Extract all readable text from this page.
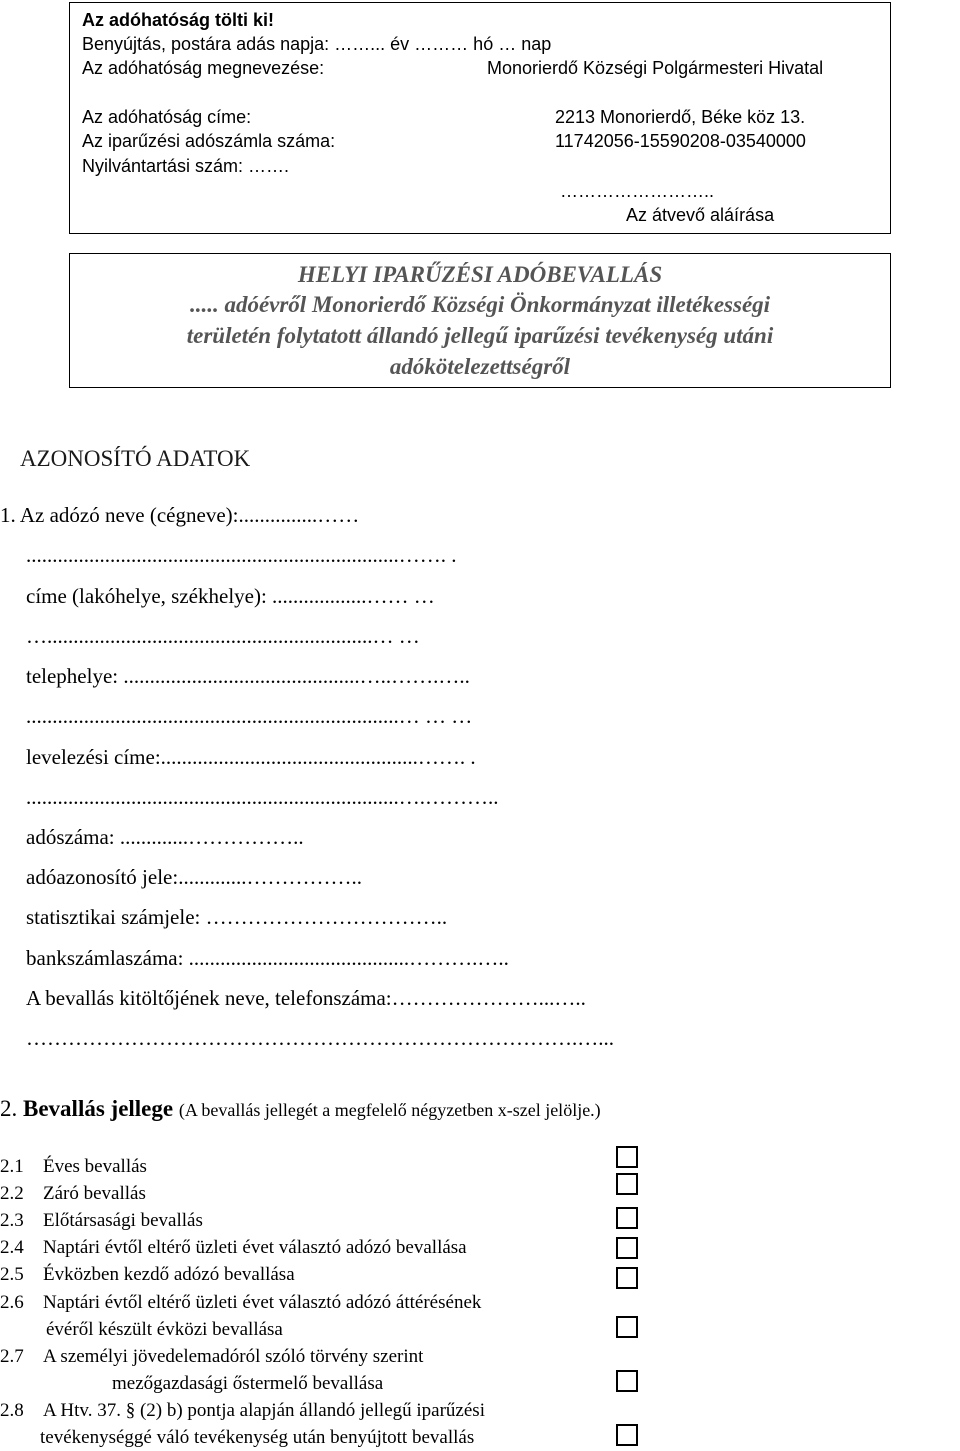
Az adóhatóság tölti ki!
Benyújtás, postára adás napja: ……... év ……… hó … nap
Az adóhatóság megnevezése:	Monorierdő Községi Polgármesteri Hivatal
Az adóhatóság címe:	2213 Monorierdő, Béke köz 13.
Az iparűzési adószámla száma:	11742056-15590208-03540000
Nyilvántartási szám: …….
……………………..
Az átvevő aláírása
HELYI IPARŰZÉSI ADÓBEVALLÁS
..... adóévről Monorierdő Községi Önkormányzat illetékességi
területén folytatott állandó jellegű iparűzési tevékenység utáni
adókötelezettségről
AZONOSÍTÓ ADATOK
1. Az adózó neve (cégneve):...............……
.......................................................................……. .
címe (lakóhelye, székhelye): ..................…… …
…..............................................................… …
telephelye: .............................................…..…….…..
.......................................................................… … …
levelezési címe:.................................................……. .
.......................................................................….………..
adószáma: .............……………..
adóazonosító jele:.............……………..
statisztikai számjele: ……………………………..
bankszámlaszáma: ..........................................……….…..
A bevallás kitöltőjének neve, telefonszáma:…………………...…..
…………………………………………………………………….…...
2. Bevallás jellege (A bevallás jellegét a megfelelő négyzetben x-szel jelölje.)
2.1 Éves bevallás
2.2 Záró bevallás
2.3 Előtársasági bevallás
2.4 Naptári évtől eltérő üzleti évet választó adózó bevallása
2.5 Évközben kezdő adózó bevallása
2.6 Naptári évtől eltérő üzleti évet választó adózó áttérésének
évéről készült évközi bevallása
2.7 A személyi jövedelemadóról szóló törvény szerint
mezőgazdasági őstermelő bevallása
2.8 A Htv. 37. § (2) b) pontja alapján állandó jellegű iparűzési
tevékenységgé váló tevékenység után benyújtott bevallás
